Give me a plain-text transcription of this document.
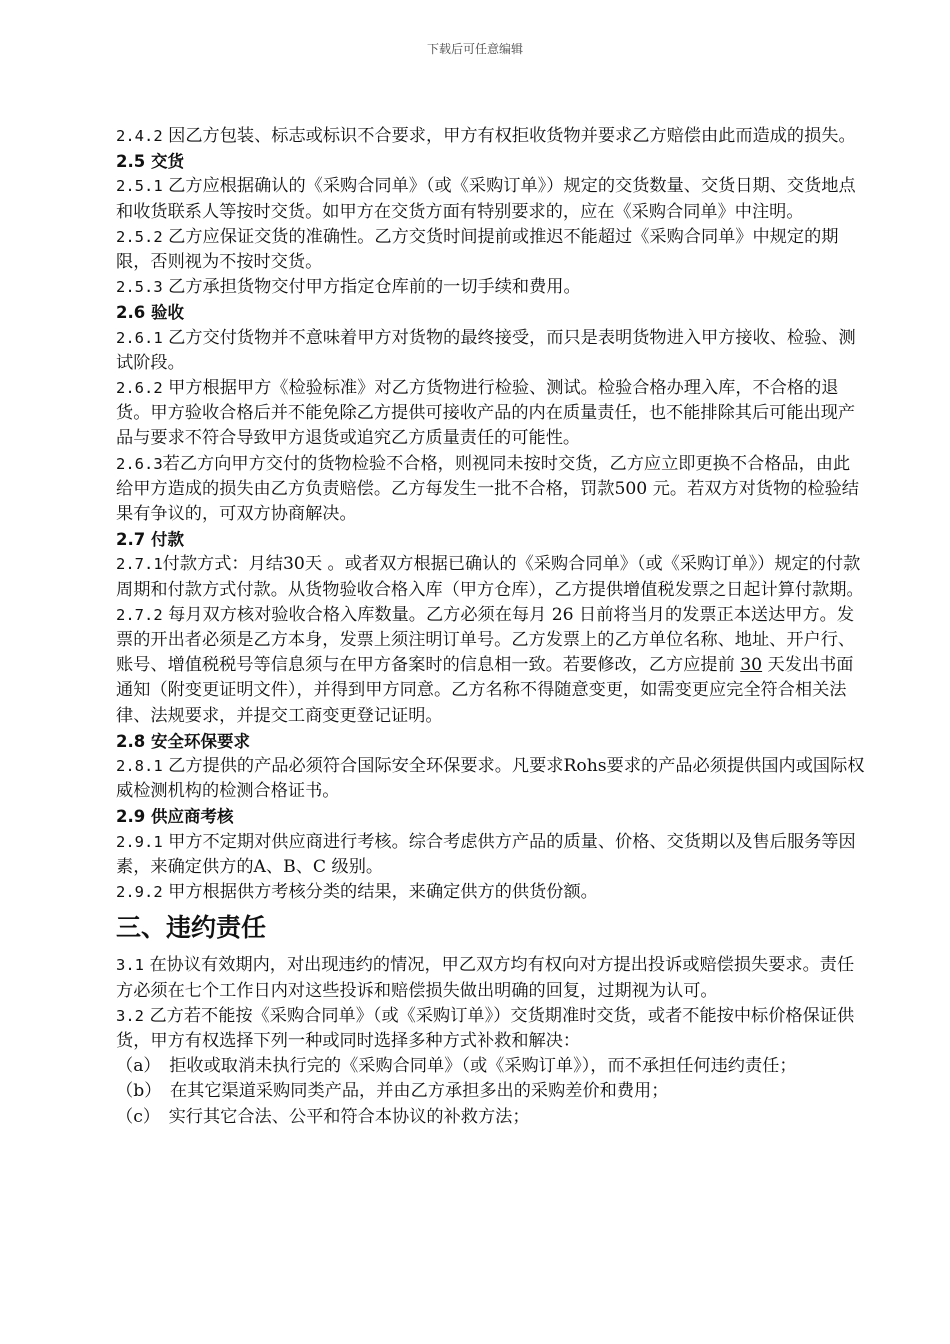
下载后可任意编辑

2.4.2 因乙方包装、标志或标识不合要求，甲方有权拒收货物并要求乙方赔偿由此而造成的损失。

2.5 交货

2.5.1 乙方应根据确认的《采购合同单》（或《采购订单》）规定的交货数量、交货日期、交货地点和收货联系人等按时交货。如甲方在交货方面有特别要求的，应在《采购合同单》中注明。

2.5.2 乙方应保证交货的准确性。乙方交货时间提前或推迟不能超过《采购合同单》中规定的期限，否则视为不按时交货。

2.5.3 乙方承担货物交付甲方指定仓库前的一切手续和费用。

2.6 验收

2.6.1 乙方交付货物并不意味着甲方对货物的最终接受，而只是表明货物进入甲方接收、检验、测试阶段。

2.6.2 甲方根据甲方《检验标准》对乙方货物进行检验、测试。检验合格办理入库，不合格的退货。甲方验收合格后并不能免除乙方提供可接收产品的内在质量责任，也不能排除其后可能出现产品与要求不符合导致甲方退货或追究乙方质量责任的可能性。

2.6.3若乙方向甲方交付的货物检验不合格，则视同未按时交货，乙方应立即更换不合格品，由此给甲方造成的损失由乙方负责赔偿。乙方每发生一批不合格，罚款500 元。若双方对货物的检验结果有争议的，可双方协商解决。

2.7 付款

2.7.1付款方式：月结30天 。或者双方根据已确认的《采购合同单》（或《采购订单》）规定的付款周期和付款方式付款。从货物验收合格入库（甲方仓库），乙方提供增值税发票之日起计算付款期。

2.7.2 每月双方核对验收合格入库数量。乙方必须在每月 26 日前将当月的发票正本送达甲方。发票的开出者必须是乙方本身，发票上须注明订单号。乙方发票上的乙方单位名称、地址、开户行、账号、增值税税号等信息须与在甲方备案时的信息相一致。若要修改，乙方应提前 30 天发出书面通知（附变更证明文件），并得到甲方同意。乙方名称不得随意变更，如需变更应完全符合相关法律、法规要求，并提交工商变更登记证明。

2.8 安全环保要求

2.8.1 乙方提供的产品必须符合国际安全环保要求。凡要求Rohs要求的产品必须提供国内或国际权威检测机构的检测合格证书。

2.9 供应商考核

2.9.1 甲方不定期对供应商进行考核。综合考虑供方产品的质量、价格、交货期以及售后服务等因素，来确定供方的A、B、C 级别。

2.9.2 甲方根据供方考核分类的结果，来确定供方的供货份额。

三、违约责任

3.1 在协议有效期内，对出现违约的情况，甲乙双方均有权向对方提出投诉或赔偿损失要求。责任方必须在七个工作日内对这些投诉和赔偿损失做出明确的回复，过期视为认可。

3.2 乙方若不能按《采购合同单》（或《采购订单》）交货期准时交货，或者不能按中标价格保证供货，甲方有权选择下列一种或同时选择多种方式补救和解决：

（a）　拒收或取消未执行完的《采购合同单》（或《采购订单》），而不承担任何违约责任；

（b）　在其它渠道采购同类产品，并由乙方承担多出的采购差价和费用；

（c）　实行其它合法、公平和符合本协议的补救方法；
